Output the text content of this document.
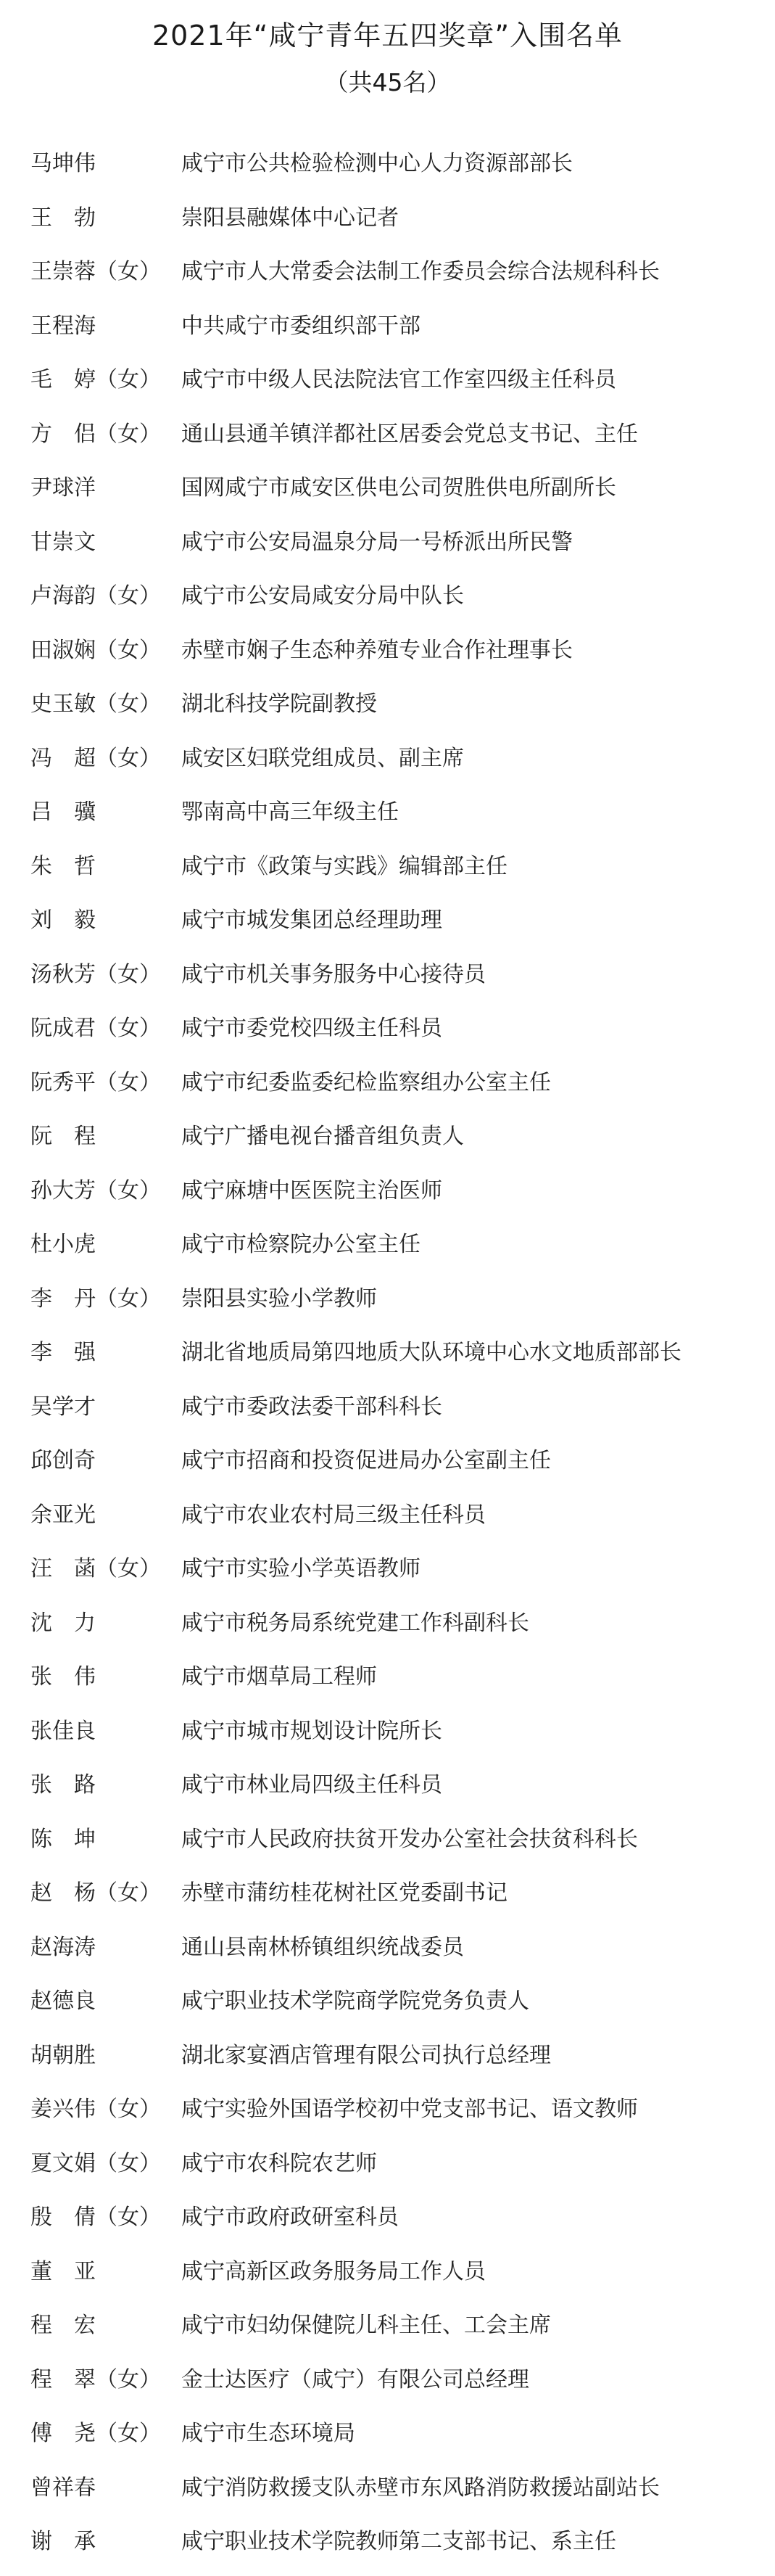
2021年“咸宁青年五四奖章”入围名单
（共45名）
马坤伟	咸宁市公共检验检测中心人力资源部部长
王　勃	崇阳县融媒体中心记者
王崇蓉（女） 咸宁市人大常委会法制工作委员会综合法规科科长
王程海	中共咸宁市委组织部干部
毛　婷（女） 咸宁市中级人民法院法官工作室四级主任科员
方　侣（女） 通山县通羊镇洋都社区居委会党总支书记、主任
尹球洋	国网咸宁市咸安区供电公司贺胜供电所副所长
甘崇文	咸宁市公安局温泉分局一号桥派出所民警
卢海韵（女） 咸宁市公安局咸安分局中队长
田淑娴（女） 赤壁市娴子生态种养殖专业合作社理事长
史玉敏（女） 湖北科技学院副教授
冯　超（女） 咸安区妇联党组成员、副主席
吕　骥	鄂南高中高三年级主任
朱　哲	咸宁市《政策与实践》编辑部主任
刘　毅	咸宁市城发集团总经理助理
汤秋芳（女） 咸宁市机关事务服务中心接待员
阮成君（女） 咸宁市委党校四级主任科员
阮秀平（女） 咸宁市纪委监委纪检监察组办公室主任
阮　程	咸宁广播电视台播音组负责人
孙大芳（女） 咸宁麻塘中医医院主治医师
杜小虎	咸宁市检察院办公室主任
李　丹（女） 崇阳县实验小学教师
李　强	湖北省地质局第四地质大队环境中心水文地质部部长
吴学才	咸宁市委政法委干部科科长
邱创奇	咸宁市招商和投资促进局办公室副主任
余亚光	咸宁市农业农村局三级主任科员
汪　菡（女） 咸宁市实验小学英语教师
沈　力	咸宁市税务局系统党建工作科副科长
张　伟	咸宁市烟草局工程师
张佳良	咸宁市城市规划设计院所长
张　路	咸宁市林业局四级主任科员
陈　坤	咸宁市人民政府扶贫开发办公室社会扶贫科科长
赵　杨（女） 赤壁市蒲纺桂花树社区党委副书记
赵海涛	通山县南林桥镇组织统战委员
赵德良	咸宁职业技术学院商学院党务负责人
胡朝胜	湖北家宴酒店管理有限公司执行总经理
姜兴伟（女） 咸宁实验外国语学校初中党支部书记、语文教师
夏文娟（女） 咸宁市农科院农艺师
殷　倩（女） 咸宁市政府政研室科员
董　亚	咸宁高新区政务服务局工作人员
程　宏	咸宁市妇幼保健院儿科主任、工会主席
程　翠（女） 金士达医疗（咸宁）有限公司总经理
傅　尧（女） 咸宁市生态环境局
曾祥春	咸宁消防救援支队赤壁市东风路消防救援站副站长
谢　承	咸宁职业技术学院教师第二支部书记、系主任
